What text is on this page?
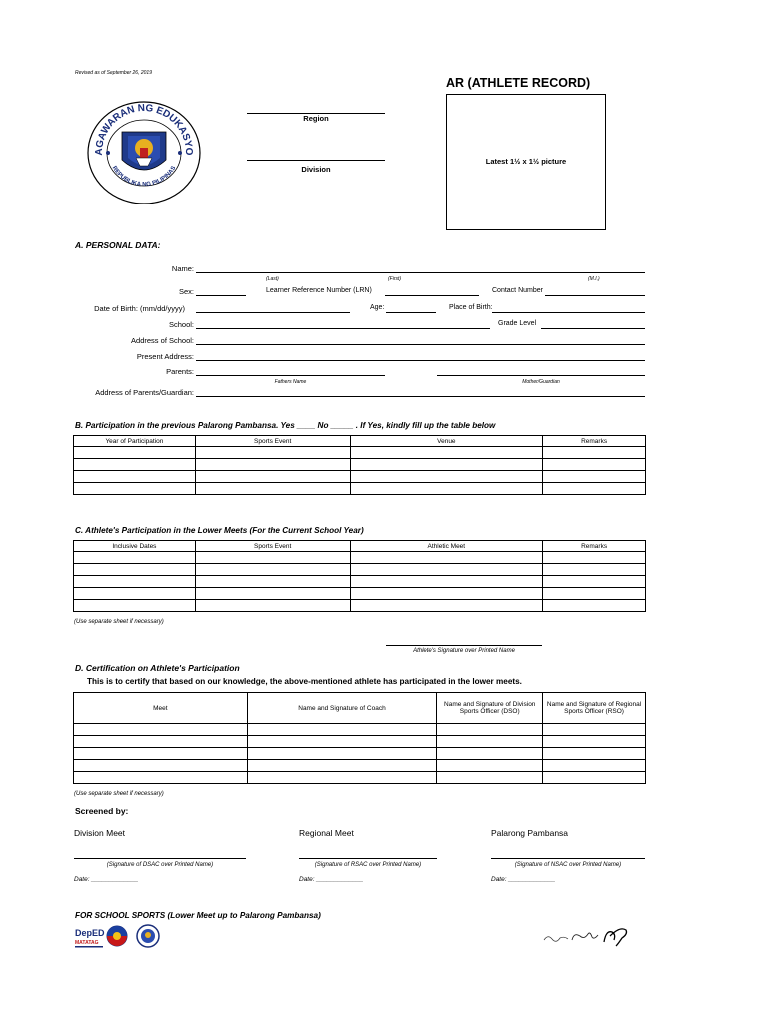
Revised as of September 26, 2019
AR (ATHLETE RECORD)
AGAWARAN NG EDUKASYO
REPUBLIKA NG PILIPINAS
Region
Division
Latest 1½ x 1½ picture
A. PERSONAL DATA:
Name:
(Last)	(First)	(M.I.)
Sex:	Learner Reference Number (LRN)	Contact Number
Date of Birth: (mm/dd/yyyy)	Age:	Place of Birth:
School:	Grade Level
Address of School:
Present Address:
Parents:
Fathers Name	Mother/Guardian
Address of Parents/Guardian:
B. Participation in the previous Palarong Pambansa. Yes ____ No _____ . If Yes, kindly fill up the table below
Year of Participation	Sports Event	Venue	Remarks

C. Athlete's Participation in the Lower Meets (For the Current School Year)
Inclusive Dates	Sports Event	Athletic Meet	Remarks

(Use separate sheet if necessary)
Athlete's Signature over Printed Name
D. Certification on Athlete's Participation
This is to certify that based on our knowledge, the above-mentioned athlete has participated in the lower meets.
Meet	Name and Signature of Coach	Name and Signature of Division Sports Officer (DSO)	Name and Signature of Regional Sports Officer (RSO)

(Use separate sheet if necessary)
Screened by:
Division Meet	Regional Meet	Palarong Pambansa
(Signature of DSAC over Printed Name)	(Signature of RSAC over Printed Name)	(Signature of NSAC over Printed Name)
Date: _____________	Date: _____________	Date: _____________
FOR SCHOOL SPORTS (Lower Meet up to Palarong Pambansa)
DepED
MATATAG
